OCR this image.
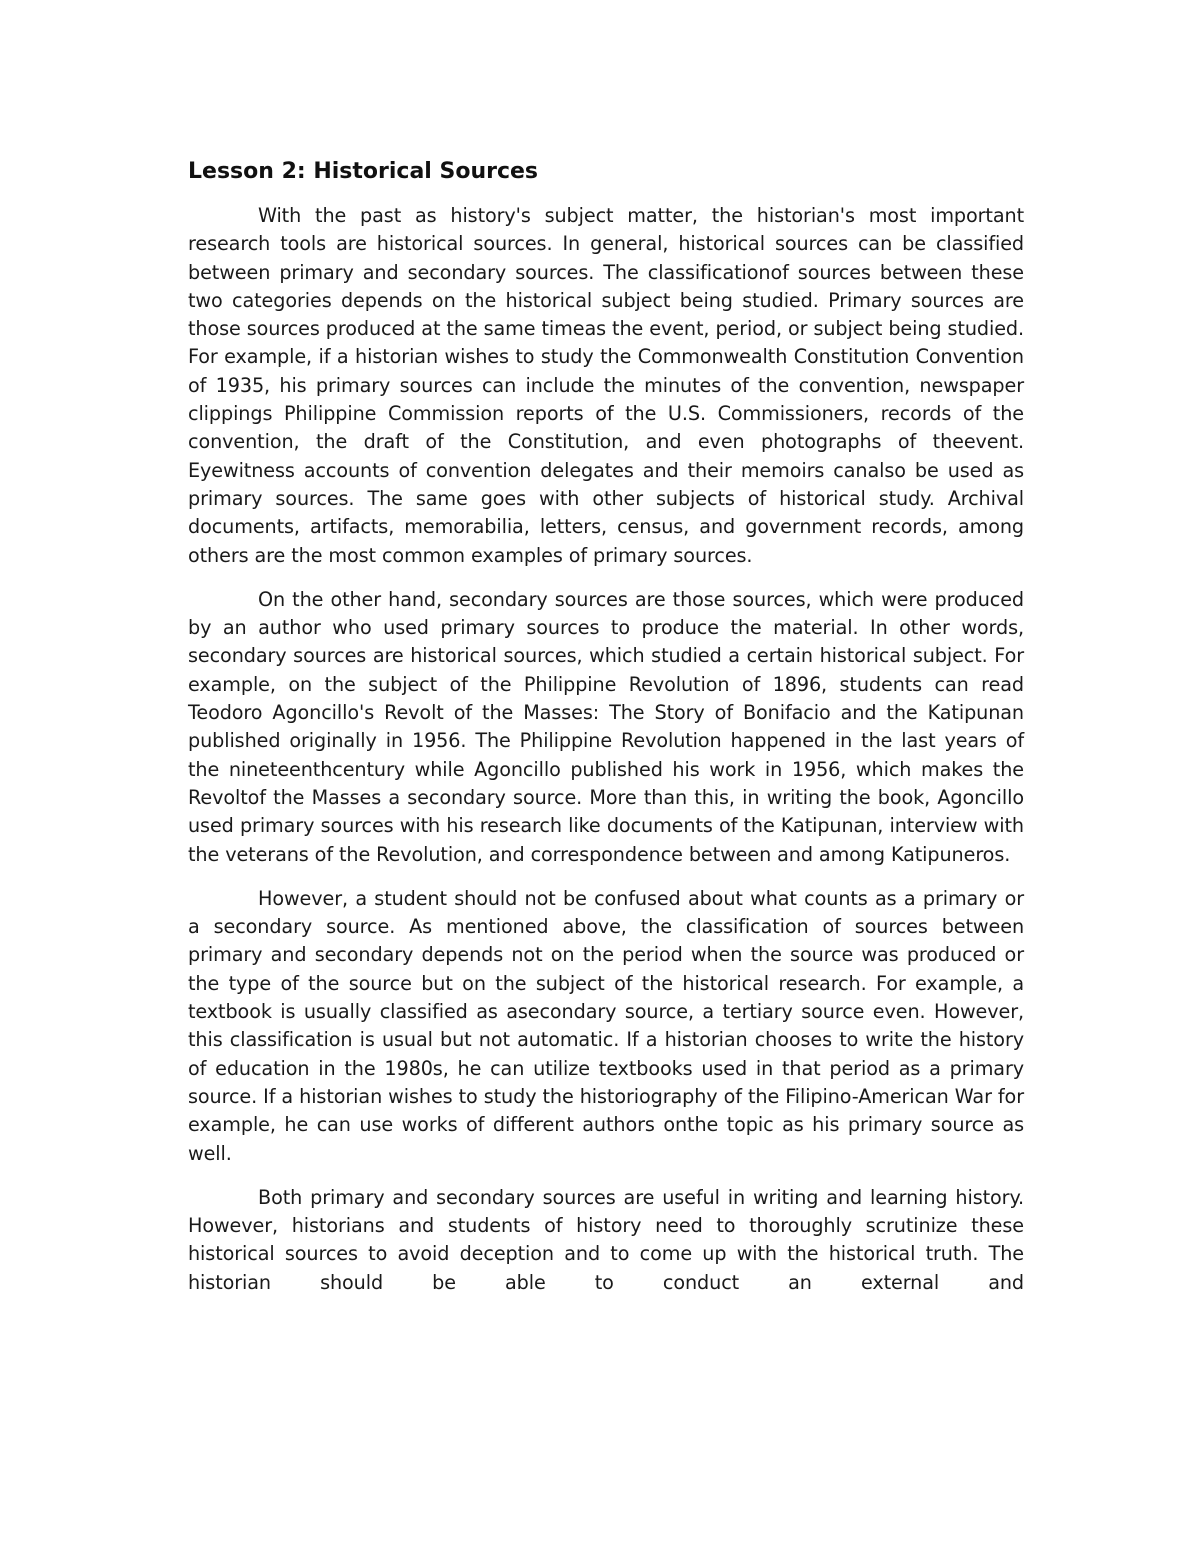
Lesson 2: Historical Sources

With the past as history's subject matter, the historian's most important research tools are historical sources. In general, historical sources can be classified between primary and secondary sources. The classificationof sources between these two categories depends on the historical subject being studied. Primary sources are those sources produced at the same timeas the event, period, or subject being studied. For example, if a historian wishes to study the Commonwealth Constitution Convention of 1935, his primary sources can include the minutes of the convention, newspaper clippings Philippine Commission reports of the U.S. Commissioners, records of the convention, the draft of the Constitution, and even photographs of theevent. Eyewitness accounts of convention delegates and their memoirs canalso be used as primary sources. The same goes with other subjects of historical study. Archival documents, artifacts, memorabilia, letters, census, and government records, among others are the most common examples of primary sources.

On the other hand, secondary sources are those sources, which were produced by an author who used primary sources to produce the material. In other words, secondary sources are historical sources, which studied a certain historical subject. For example, on the subject of the Philippine Revolution of 1896, students can read Teodoro Agoncillo's Revolt of the Masses: The Story of Bonifacio and the Katipunan published originally in 1956. The Philippine Revolution happened in the last years of the nineteenthcentury while Agoncillo published his work in 1956, which makes the Revoltof the Masses a secondary source. More than this, in writing the book, Agoncillo used primary sources with his research like documents of the Katipunan, interview with the veterans of the Revolution, and correspondence between and among Katipuneros.

However, a student should not be confused about what counts as a primary or a secondary source. As mentioned above, the classification of sources between primary and secondary depends not on the period when the source was produced or the type of the source but on the subject of the historical research. For example, a textbook is usually classified as asecondary source, a tertiary source even. However, this classification is usual but not automatic. If a historian chooses to write the history of education in the 1980s, he can utilize textbooks used in that period as a primary source. If a historian wishes to study the historiography of the Filipino-American War for example, he can use works of different authors onthe topic as his primary source as well.

Both primary and secondary sources are useful in writing and learning history. However, historians and students of history need to thoroughly scrutinize these historical sources to avoid deception and to come up with the historical truth. The historian should be able to conduct an external and
